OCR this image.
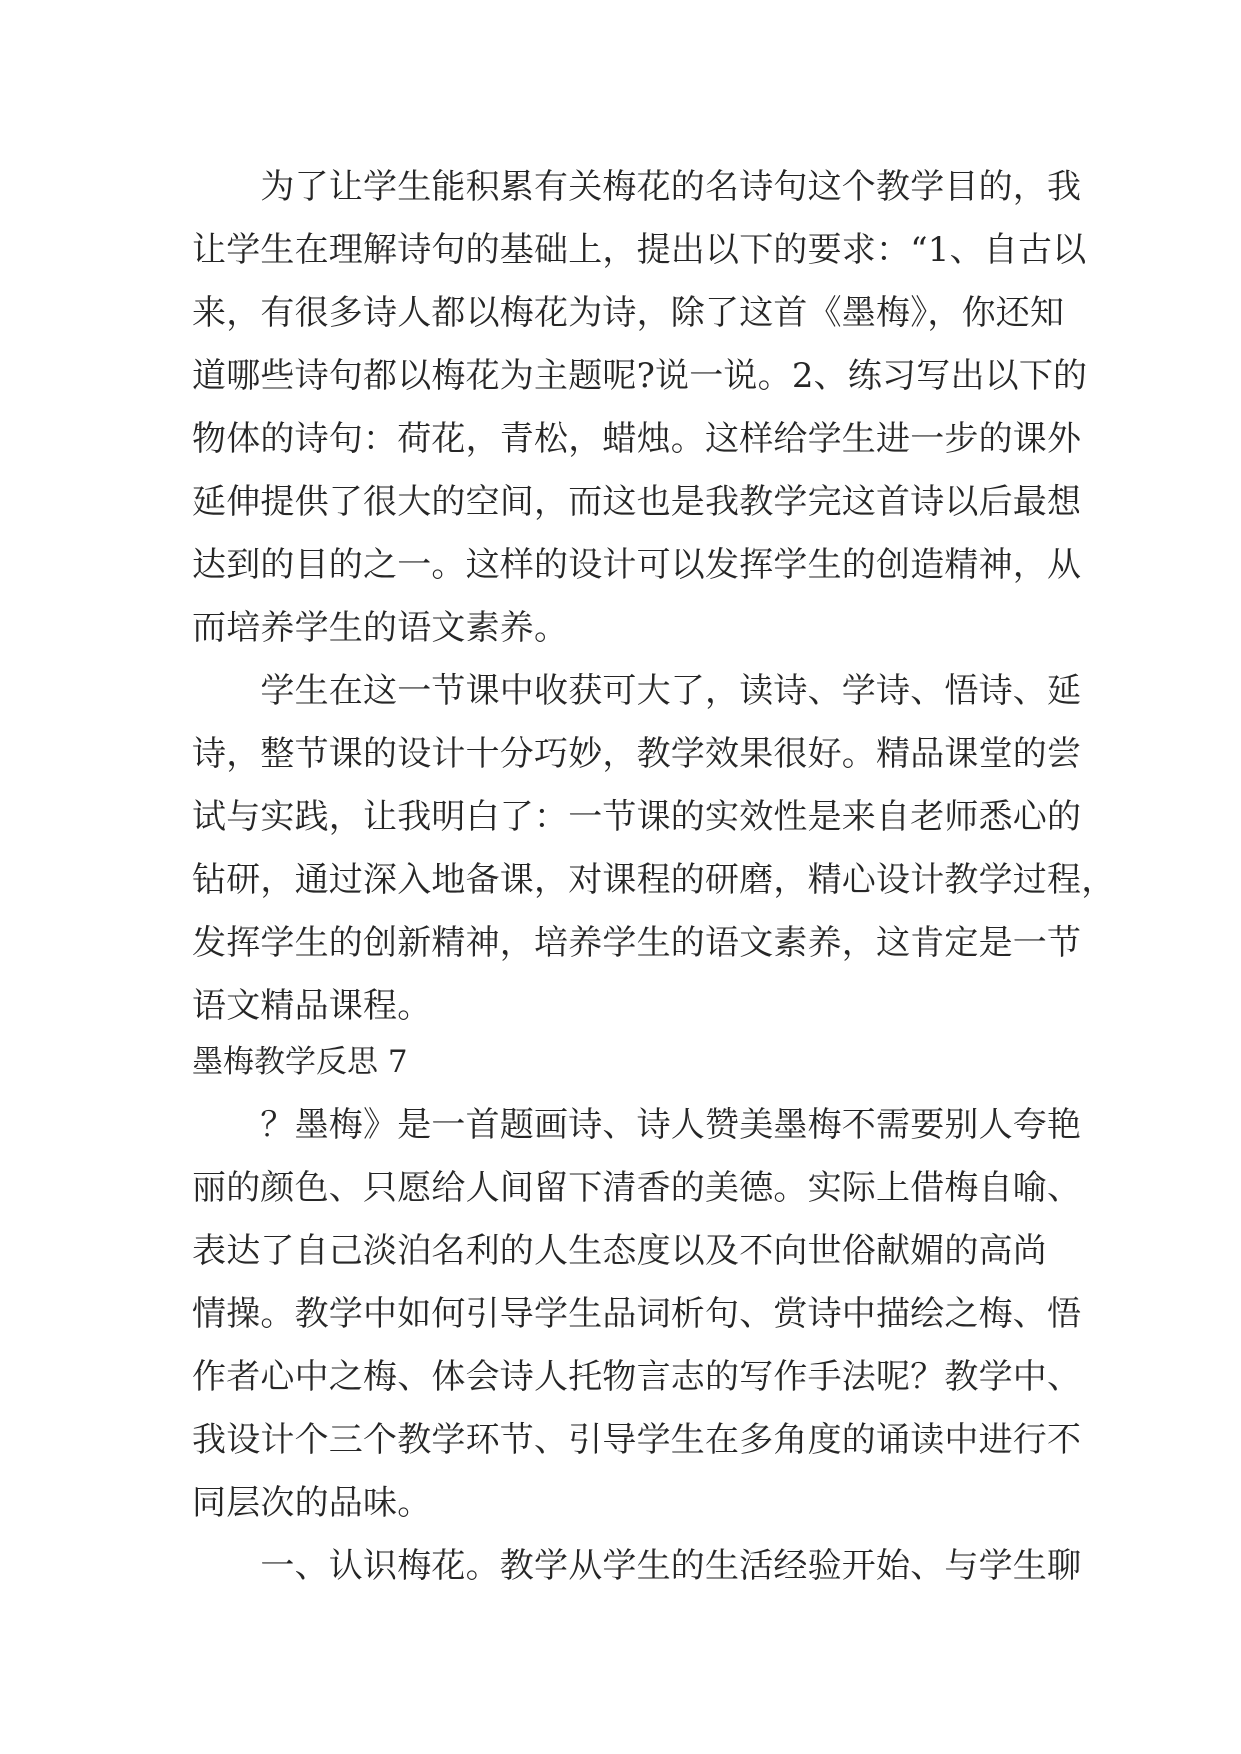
　　为了让学生能积累有关梅花的名诗句这个教学目的，我
让学生在理解诗句的基础上，提出以下的要求：“1、自古以
来，有很多诗人都以梅花为诗，除了这首《墨梅》，你还知
道哪些诗句都以梅花为主题呢?说一说。2、练习写出以下的
物体的诗句：荷花，青松，蜡烛。这样给学生进一步的课外
延伸提供了很大的空间，而这也是我教学完这首诗以后最想
达到的目的之一。这样的设计可以发挥学生的创造精神，从
而培养学生的语文素养。
　　学生在这一节课中收获可大了，读诗、学诗、悟诗、延
诗，整节课的设计十分巧妙，教学效果很好。精品课堂的尝
试与实践，让我明白了：一节课的实效性是来自老师悉心的
钻研，通过深入地备课，对课程的研磨，精心设计教学过程，
发挥学生的创新精神，培养学生的语文素养，这肯定是一节
语文精品课程。
墨梅教学反思 7
　　？墨梅》是一首题画诗、诗人赞美墨梅不需要别人夸艳
丽的颜色、只愿给人间留下清香的美德。实际上借梅自喻、
表达了自己淡泊名利的人生态度以及不向世俗献媚的高尚
情操。教学中如何引导学生品词析句、赏诗中描绘之梅、悟
作者心中之梅、体会诗人托物言志的写作手法呢？教学中、
我设计个三个教学环节、引导学生在多角度的诵读中进行不
同层次的品味。
　　一、认识梅花。教学从学生的生活经验开始、与学生聊
